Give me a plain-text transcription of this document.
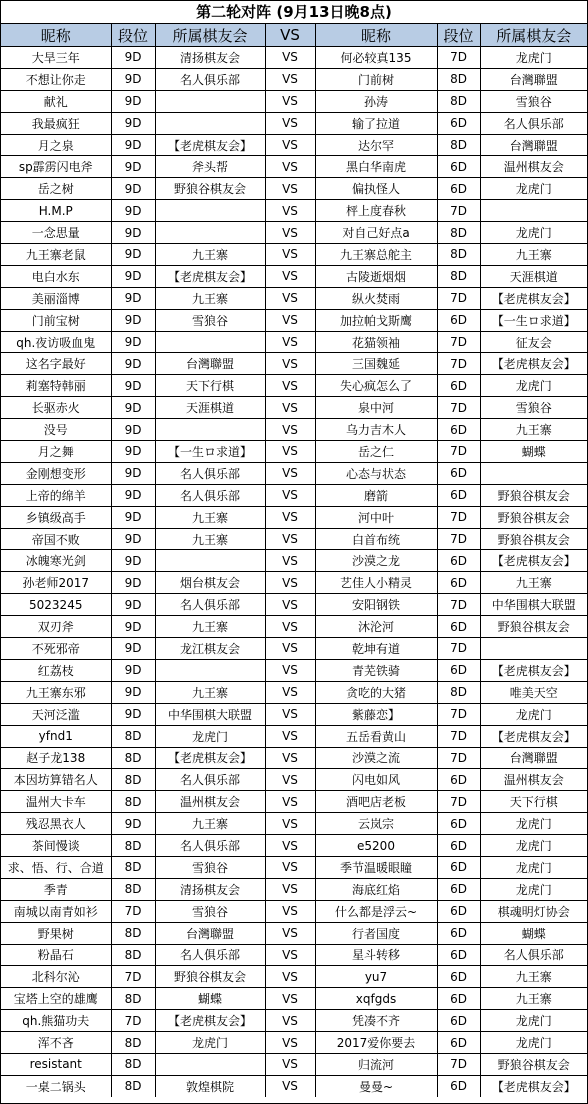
第二轮对阵 (9月13日晚8点)
昵称	段位	所属棋友会	VS	昵称	段位	所属棋友会
大旱三年	9D	清扬棋友会	VS	何必较真135	7D	龙虎门
不想让你走	9D	名人俱乐部	VS	门前树	8D	台灣聯盟
献礼	9D		VS	孙涛	8D	雪狼谷
我最疯狂	9D		VS	输了拉道	6D	名人俱乐部
月之泉	9D	【老虎棋友会】	VS	达尔罕	8D	台灣聯盟
sp霹雳闪电斧	9D	斧头帮	VS	黑白华南虎	6D	温州棋友会
岳之树	9D	野狼谷棋友会	VS	偏执怪人	6D	龙虎门
H.M.P	9D		VS	枰上度春秋	7D	
一念思量	9D		VS	对自己好点a	8D	龙虎门
九王寨老鼠	9D	九王寨	VS	九王寨总舵主	8D	九王寨
电白水东	9D	【老虎棋友会】	VS	古陵逝烟烟	8D	天涯棋道
美丽淄博	9D	九王寨	VS	纵火焚雨	7D	【老虎棋友会】
门前宝树	9D	雪狼谷	VS	加拉帕戈斯鹰	6D	【一生ロ求道】
qh.夜访吸血鬼	9D		VS	花猫领袖	7D	征友会
这名字最好	9D	台灣聯盟	VS	三国魏延	7D	【老虎棋友会】
莉塞特韩丽	9D	天下行棋	VS	失心疯怎么了	6D	龙虎门
长驱赤火	9D	天涯棋道	VS	泉中河	7D	雪狼谷
没号	9D		VS	乌力吉木人	6D	九王寨
月之舞	9D	【一生ロ求道】	VS	岳之仁	7D	蝴蝶
金刚想变形	9D	名人俱乐部	VS	心态与状态	6D	
上帝的绵羊	9D	名人俱乐部	VS	磨箭	6D	野狼谷棋友会
乡镇级高手	9D	九王寨	VS	河中叶	7D	野狼谷棋友会
帝国不败	9D	九王寨	VS	白首布统	7D	野狼谷棋友会
冰魄寒光剑	9D		VS	沙漠之龙	6D	【老虎棋友会】
孙老师2017	9D	烟台棋友会	VS	艺佳人小精灵	6D	九王寨
5023245	9D	名人俱乐部	VS	安阳钢铁	7D	中华围棋大联盟
双刃斧	9D	九王寨	VS	沐沦河	6D	野狼谷棋友会
不死邪帝	9D	龙江棋友会	VS	乾坤有道	7D	
红荔枝	9D		VS	青芜铁骑	6D	【老虎棋友会】
九王寨东邪	9D	九王寨	VS	贪吃的大猪	8D	唯美天空
天河泛滥	9D	中华围棋大联盟	VS	紫藤恋】	7D	龙虎门
yfnd1	8D	龙虎门	VS	五岳看黄山	7D	【老虎棋友会】
赵子龙138	8D	【老虎棋友会】	VS	沙漠之流	7D	台灣聯盟
本因坊算错名人	8D	名人俱乐部	VS	闪电如风	6D	温州棋友会
温州大卡车	8D	温州棋友会	VS	酒吧店老板	7D	天下行棋
残忍黑衣人	9D	九王寨	VS	云岚宗	6D	龙虎门
茶间慢谈	8D	名人俱乐部	VS	e5200	6D	龙虎门
求、悟、行、合道	8D	雪狼谷	VS	季节温暖眼瞳	6D	龙虎门
季青	8D	清扬棋友会	VS	海底红焰	6D	龙虎门
南城以南青如衫	7D	雪狼谷	VS	什么都是浮云~	6D	棋魂明灯协会
野果树	8D	台灣聯盟	VS	行者国度	6D	蝴蝶
粉晶石	8D	名人俱乐部	VS	星斗转移	6D	名人俱乐部
北科尔沁	7D	野狼谷棋友会	VS	yu7	6D	九王寨
宝塔上空的雄鹰	8D	蝴蝶	VS	xqfgds	6D	九王寨
qh.熊猫功夫	7D	【老虎棋友会】	VS	凭凑不齐	6D	龙虎门
浑不吝	8D	龙虎门	VS	2017爱你要去	6D	龙虎门
resistant	8D		VS	归流河	7D	野狼谷棋友会
一桌二锅头	8D	敦煌棋院	VS	曼曼~	6D	【老虎棋友会】
